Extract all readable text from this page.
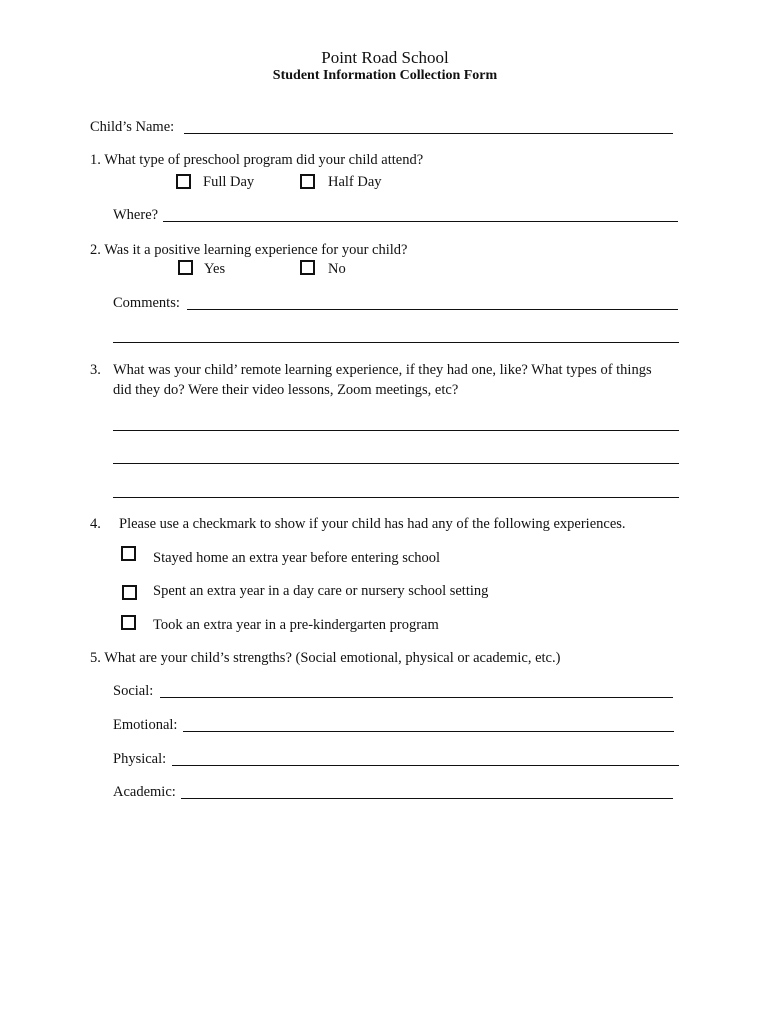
Point Road School
Student Information Collection Form
Child’s Name:
1. What type of preschool program did your child attend?
Full Day	Half Day
Where?
2. Was it a positive learning experience for your child?
Yes	No
Comments:
3. What was your child’ remote learning experience, if they had one, like? What types of things
did they do? Were their video lessons, Zoom meetings, etc?
4. Please use a checkmark to show if your child has had any of the following experiences.
Stayed home an extra year before entering school
Spent an extra year in a day care or nursery school setting
Took an extra year in a pre-kindergarten program
5. What are your child’s strengths? (Social emotional, physical or academic, etc.)
Social:
Emotional:
Physical:
Academic:
